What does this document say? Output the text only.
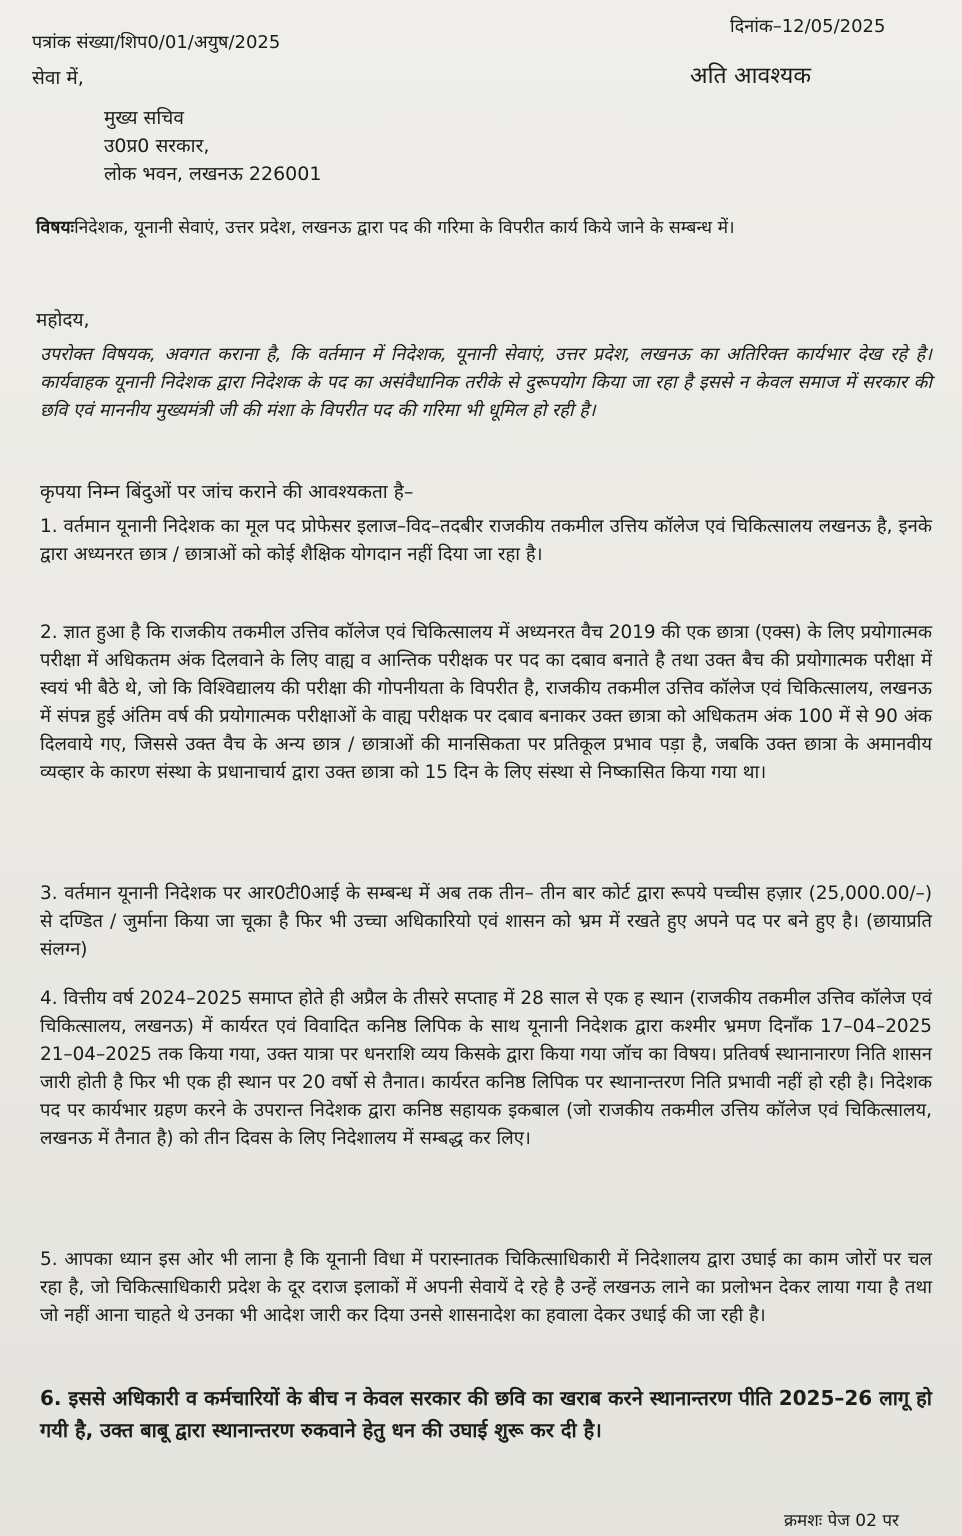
पत्रांक संख्या/शिप0/01/अयुष/2025
दिनांक–12/05/2025
अति आवश्यक
सेवा में,
मुख्य सचिव
उ0प्र0 सरकार,
लोक भवन, लखनऊ 226001
विषयःनिदेशक, यूनानी सेवाएं, उत्तर प्रदेश, लखनऊ द्वारा पद की गरिमा के विपरीत कार्य किये जाने के सम्बन्ध में।
महोदय,
उपरोक्त विषयक, अवगत कराना है, कि वर्तमान में निदेशक, यूनानी सेवाएं, उत्तर प्रदेश, लखनऊ का अतिरिक्त कार्यभार देख रहे है। कार्यवाहक यूनानी निदेशक द्वारा निदेशक के पद का असंवैधानिक तरीके से दुरूपयोग किया जा रहा है इससे न केवल समाज में सरकार की छवि एवं माननीय मुख्यमंत्री जी की मंशा के विपरीत पद की गरिमा भी धूमिल हो रही है।
कृपया निम्न बिंदुओं पर जांच कराने की आवश्यकता है–
1. वर्तमान यूनानी निदेशक का मूल पद प्रोफेसर इलाज–विद–तदबीर राजकीय तकमील उत्तिय कॉलेज एवं चिकित्सालय लखनऊ है, इनके द्वारा अध्यनरत छात्र / छात्राओं को कोई शैक्षिक योगदान नहीं दिया जा रहा है।
2. ज्ञात हुआ है कि राजकीय तकमील उत्तिव कॉलेज एवं चिकित्सालय में अध्यनरत वैच 2019 की एक छात्रा (एक्स) के लिए प्रयोगात्मक परीक्षा में अधिकतम अंक दिलवाने के लिए वाह्य व आन्तिक परीक्षक पर पद का दबाव बनाते है तथा उक्त बैच की प्रयोगात्मक परीक्षा में स्वयं भी बैठे थे, जो कि विश्विद्यालय की परीक्षा की गोपनीयता के विपरीत है, राजकीय तकमील उत्तिव कॉलेज एवं चिकित्सालय, लखनऊ में संपन्न हुई अंतिम वर्ष की प्रयोगात्मक परीक्षाओं के वाह्य परीक्षक पर दबाव बनाकर उक्त छात्रा को अधिकतम अंक 100 में से 90 अंक दिलवाये गए, जिससे उक्त वैच के अन्य छात्र / छात्राओं की मानसिकता पर प्रतिकूल प्रभाव पड़ा है, जबकि उक्त छात्रा के अमानवीय व्यव्हार के कारण संस्था के प्रधानाचार्य द्वारा उक्त छात्रा को 15 दिन के लिए संस्था से निष्कासित किया गया था।
3. वर्तमान यूनानी निदेशक पर आर0टी0आई के सम्बन्ध में अब तक तीन– तीन बार कोर्ट द्वारा रूपये पच्चीस हज़ार (25,000.00/–) से दण्डित / जुर्माना किया जा चूका है फिर भी उच्चा अधिकारियो एवं शासन को भ्रम में रखते हुए अपने पद पर बने हुए है। (छायाप्रति संलग्न)
4. वित्तीय वर्ष 2024–2025 समाप्त होते ही अप्रैल के तीसरे सप्ताह में 28 साल से एक ह स्थान (राजकीय तकमील उत्तिव कॉलेज एवं चिकित्सालय, लखनऊ) में कार्यरत एवं विवादित कनिष्ठ लिपिक के साथ यूनानी निदेशक द्वारा कश्मीर भ्रमण दिनाँक 17–04–2025 21–04–2025 तक किया गया, उक्त यात्रा पर धनराशि व्यय किसके द्वारा किया गया जॉच का विषय। प्रतिवर्ष स्थानानारण निति शासन जारी होती है फिर भी एक ही स्थान पर 20 वर्षो से तैनात। कार्यरत कनिष्ठ लिपिक पर स्थानान्तरण निति प्रभावी नहीं हो रही है। निदेशक पद पर कार्यभार ग्रहण करने के उपरान्त निदेशक द्वारा कनिष्ठ सहायक इकबाल (जो राजकीय तकमील उत्तिय कॉलेज एवं चिकित्सालय, लखनऊ में तैनात है) को तीन दिवस के लिए निदेशालय में सम्बद्ध कर लिए।
5. आपका ध्यान इस ओर भी लाना है कि यूनानी विधा में परास्नातक चिकित्साधिकारी में निदेशालय द्वारा उघाई का काम जोरों पर चल रहा है, जो चिकित्साधिकारी प्रदेश के दूर दराज इलाकों में अपनी सेवायें दे रहे है उन्हें लखनऊ लाने का प्रलोभन देकर लाया गया है तथा जो नहीं आना चाहते थे उनका भी आदेश जारी कर दिया उनसे शासनादेश का हवाला देकर उधाई की जा रही है।
6. इससे अधिकारी व कर्मचारियों के बीच न केवल सरकार की छवि का खराब करने स्थानान्तरण पीति 2025–26 लागू हो गयी है, उक्त बाबू द्वारा स्थानान्तरण रुकवाने हेतु धन की उघाई शुरू कर दी है।
क्रमशः पेज 02 पर
